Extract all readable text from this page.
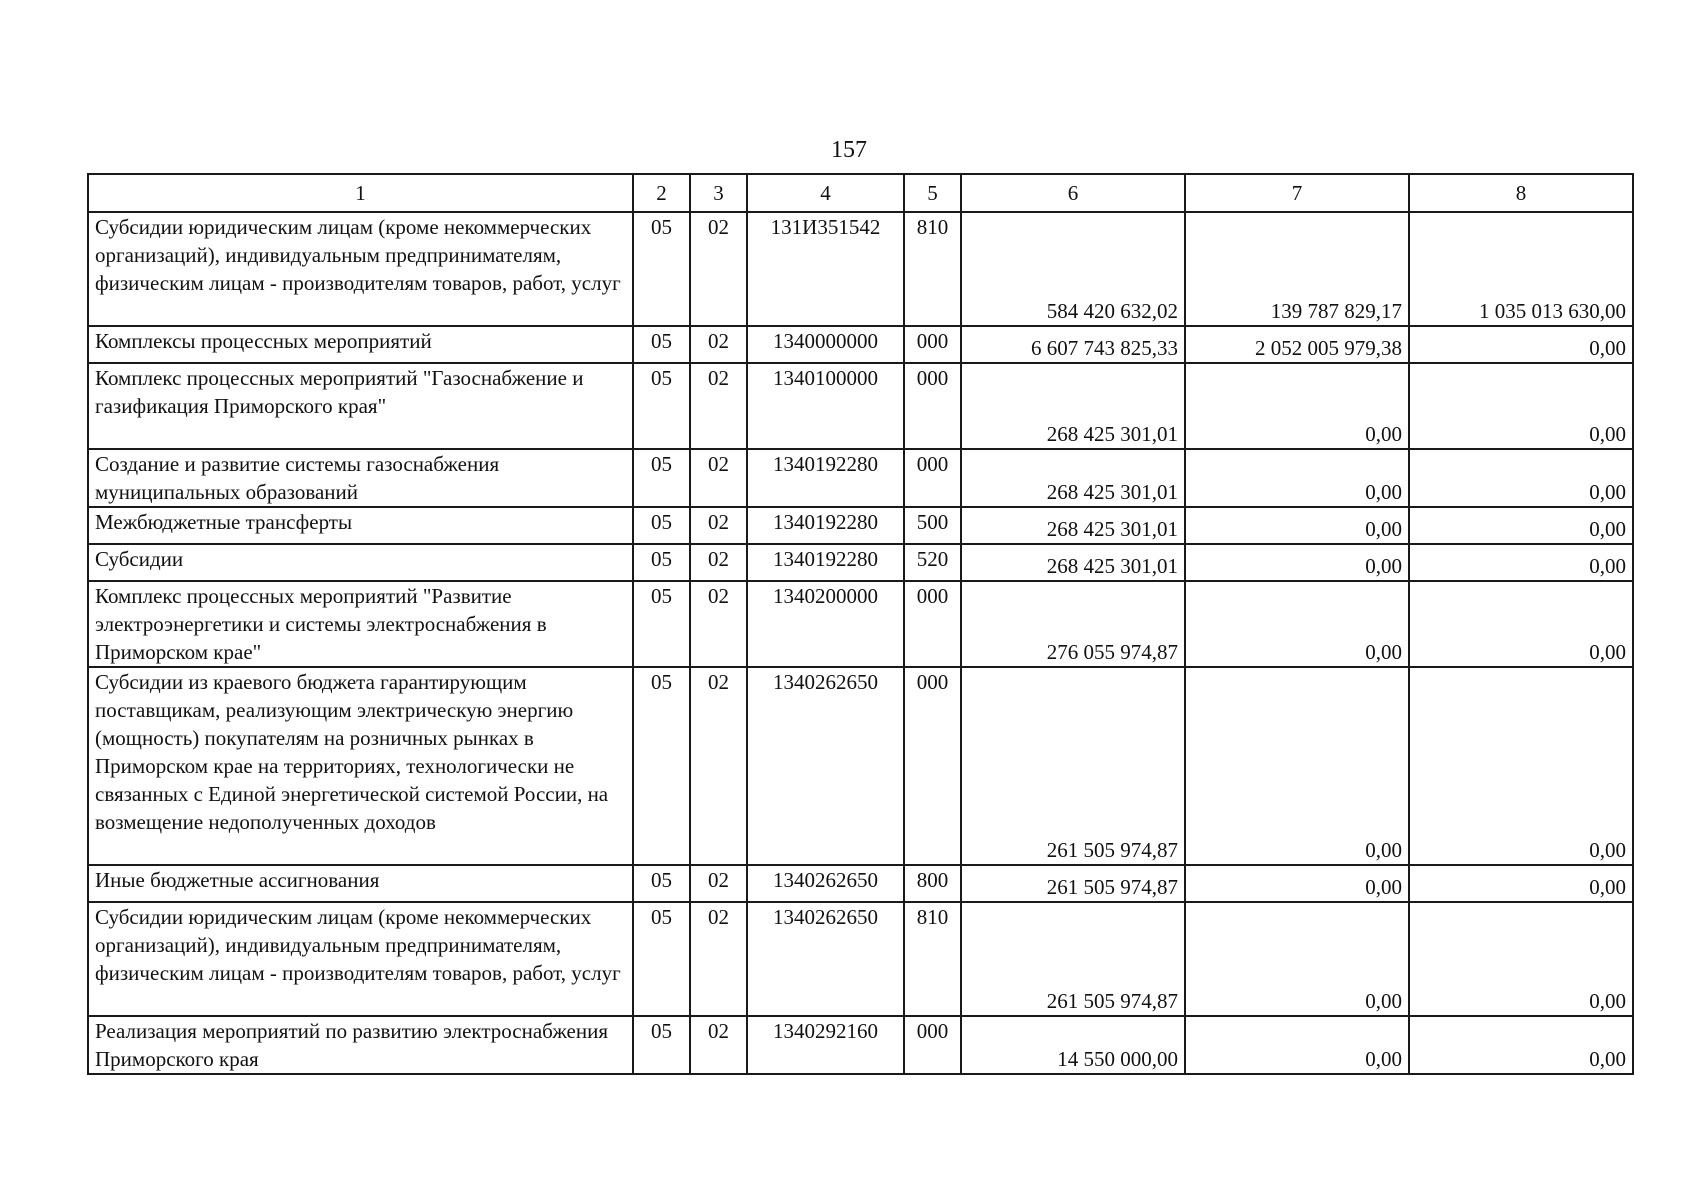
157
1	2	3	4	5	6	7	8
Субсидии юридическим лицам (кроме некоммерческих организаций), индивидуальным предпринимателям, физическим лицам - производителям товаров, работ, услуг	05	02	131И351542	810	584 420 632,02	139 787 829,17	1 035 013 630,00
Комплексы процессных мероприятий	05	02	1340000000	000	6 607 743 825,33	2 052 005 979,38	0,00
Комплекс процессных мероприятий "Газоснабжение и газификация Приморского края"	05	02	1340100000	000	268 425 301,01	0,00	0,00
Создание и развитие системы газоснабжения муниципальных образований	05	02	1340192280	000	268 425 301,01	0,00	0,00
Межбюджетные трансферты	05	02	1340192280	500	268 425 301,01	0,00	0,00
Субсидии	05	02	1340192280	520	268 425 301,01	0,00	0,00
Комплекс процессных мероприятий "Развитие электроэнергетики и системы электроснабжения в Приморском крае"	05	02	1340200000	000	276 055 974,87	0,00	0,00
Субсидии из краевого бюджета гарантирующим поставщикам, реализующим электрическую энергию (мощность) покупателям на розничных рынках в Приморском крае на территориях, технологически не связанных с Единой энергетической системой России, на возмещение недополученных доходов	05	02	1340262650	000	261 505 974,87	0,00	0,00
Иные бюджетные ассигнования	05	02	1340262650	800	261 505 974,87	0,00	0,00
Субсидии юридическим лицам (кроме некоммерческих организаций), индивидуальным предпринимателям, физическим лицам - производителям товаров, работ, услуг	05	02	1340262650	810	261 505 974,87	0,00	0,00
Реализация мероприятий по развитию электроснабжения Приморского края	05	02	1340292160	000	14 550 000,00	0,00	0,00
